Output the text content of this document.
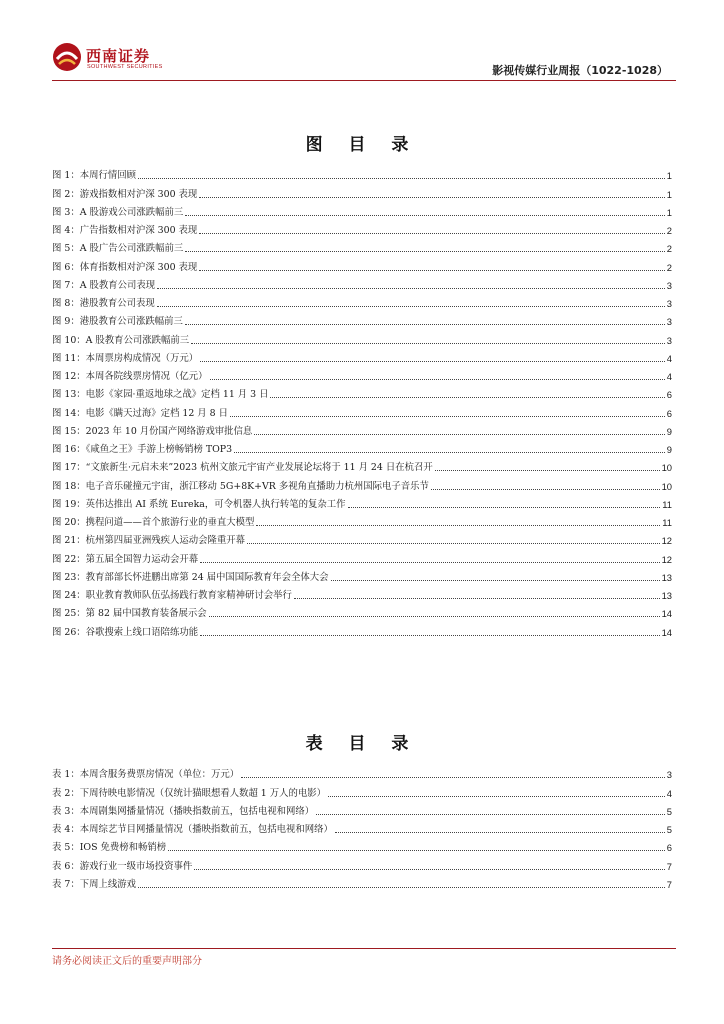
西南证券
SOUTHWEST SECURITIES	影视传媒行业周报（1022-1028）
图 目 录
图 1：本周行情回顾	1
图 2：游戏指数相对沪深 300 表现	1
图 3：A 股游戏公司涨跌幅前三	1
图 4：广告指数相对沪深 300 表现	2
图 5：A 股广告公司涨跌幅前三	2
图 6：体育指数相对沪深 300 表现	2
图 7：A 股教育公司表现	3
图 8：港股教育公司表现	3
图 9：港股教育公司涨跌幅前三	3
图 10：A 股教育公司涨跌幅前三	3
图 11：本周票房构成情况（万元）	4
图 12：本周各院线票房情况（亿元）	4
图 13：电影《家园·重返地球之战》定档 11 月 3 日	6
图 14：电影《瞒天过海》定档 12 月 8 日	6
图 15：2023 年 10 月份国产网络游戏审批信息	9
图 16：《咸鱼之王》手游上榜畅销榜 TOP3	9
图 17：“文旅新生·元启未来”2023 杭州文旅元宇宙产业发展论坛将于 11 月 24 日在杭召开	10
图 18：电子音乐碰撞元宇宙，浙江移动 5G+8K+VR 多视角直播助力杭州国际电子音乐节	10
图 19：英伟达推出 AI 系统 Eureka，可令机器人执行转笔的复杂工作	11
图 20：携程问道——首个旅游行业的垂直大模型	11
图 21：杭州第四届亚洲残疾人运动会隆重开幕	12
图 22：第五届全国智力运动会开幕	12
图 23：教育部部长怀进鹏出席第 24 届中国国际教育年会全体大会	13
图 24：职业教育教师队伍弘扬践行教育家精神研讨会举行	13
图 25：第 82 届中国教育装备展示会	14
图 26：谷歌搜索上线口语陪练功能	14
表 目 录
表 1：本周含服务费票房情况（单位：万元）	3
表 2：下周待映电影情况（仅统计猫眼想看人数超 1 万人的电影）	4
表 3：本周剧集网播量情况（播映指数前五，包括电视和网络）	5
表 4：本周综艺节目网播量情况（播映指数前五，包括电视和网络）	5
表 5：IOS 免费榜和畅销榜	6
表 6：游戏行业一级市场投资事件	7
表 7：下周上线游戏	7
请务必阅读正文后的重要声明部分
